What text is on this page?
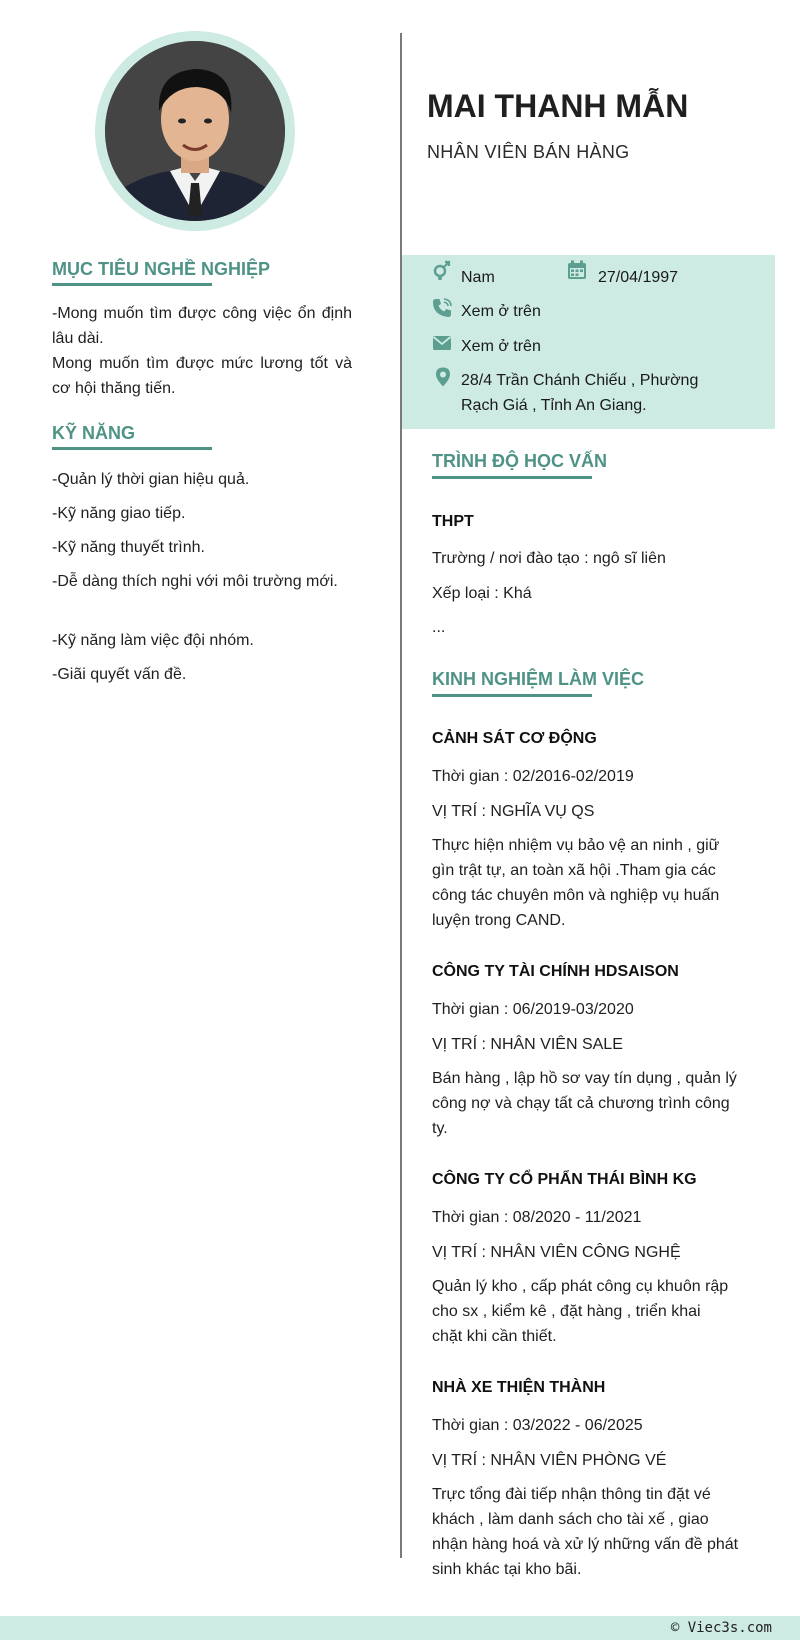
MAI THANH MẪN
NHÂN VIÊN BÁN HÀNG
Nam	27/04/1997
Xem ở trên
Xem ở trên
28/4 Trần Chánh Chiếu , Phường
Rạch Giá , Tỉnh An Giang.
MỤC TIÊU NGHỀ NGHIỆP
-Mong muốn tìm được công việc ổn định lâu dài.
Mong muốn tìm được mức lương tốt và cơ hội thăng tiến.
KỸ NĂNG
-Quản lý thời gian hiệu quả.
-Kỹ năng giao tiếp.
-Kỹ năng thuyết trình.
-Dễ dàng thích nghi với môi trường mới.
-Kỹ năng làm việc đội nhóm.
-Giãi quyết vấn đề.
TRÌNH ĐỘ HỌC VẤN
THPT
Trường / nơi đào tạo : ngô sĩ liên
Xếp loại : Khá
...
KINH NGHIỆM LÀM VIỆC
CẢNH SÁT CƠ ĐỘNG
Thời gian : 02/2016-02/2019
VỊ TRÍ : NGHĨA VỤ QS
Thực hiện nhiệm vụ bảo vệ an ninh , giữ
gìn trật tự, an toàn xã hội .Tham gia các
công tác chuyên môn và nghiệp vụ huấn
luyện trong CAND.
CÔNG TY TÀI CHÍNH HDSAISON
Thời gian : 06/2019-03/2020
VỊ TRÍ : NHÂN VIÊN SALE
Bán hàng , lập hồ sơ vay tín dụng , quản lý
công nợ và chạy tất cả chương trình công
ty.
CÔNG TY CỔ PHẨN THÁI BÌNH KG
Thời gian : 08/2020 - 11/2021
VỊ TRÍ : NHÂN VIÊN CÔNG NGHỆ
Quản lý kho , cấp phát công cụ khuôn rập
cho sx , kiểm kê , đặt hàng , triển khai
chặt khi cần thiết.
NHÀ XE THIỆN THÀNH
Thời gian : 03/2022 - 06/2025
VỊ TRÍ : NHÂN VIÊN PHÒNG VÉ
Trực tổng đài tiếp nhận thông tin đặt vé
khách , làm danh sách cho tài xế , giao
nhận hàng hoá và xử lý những vấn đề phát
sinh khác tại kho bãi.
© Viec3s.com
